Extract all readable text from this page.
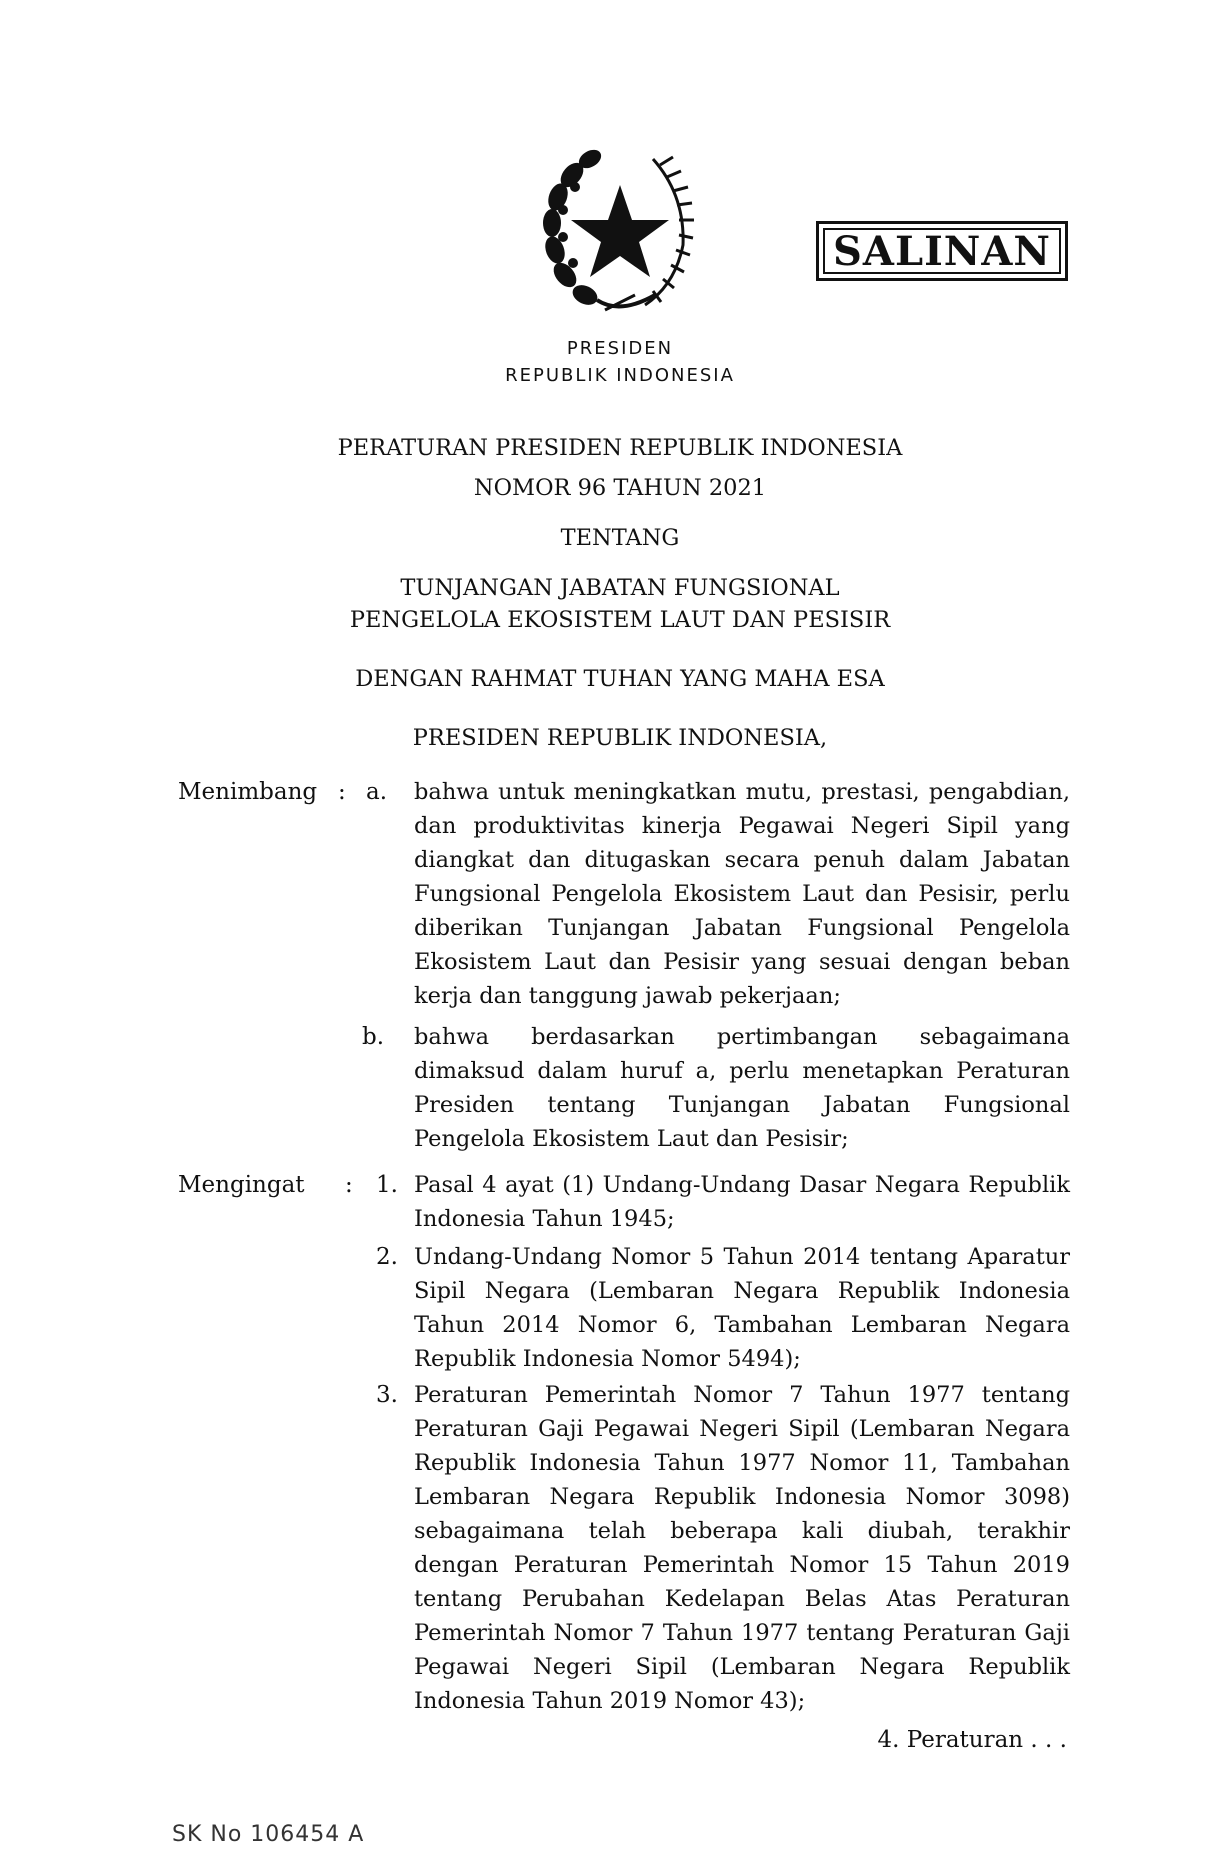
SALINAN
PRESIDEN
REPUBLIK INDONESIA
PERATURAN PRESIDEN REPUBLIK INDONESIA
NOMOR 96 TAHUN 2021
TENTANG
TUNJANGAN JABATAN FUNGSIONAL
PENGELOLA EKOSISTEM LAUT DAN PESISIR
DENGAN RAHMAT TUHAN YANG MAHA ESA
PRESIDEN REPUBLIK INDONESIA,
Menimbang : a.	bahwa untuk meningkatkan mutu, prestasi, pengabdian, dan produktivitas kinerja Pegawai Negeri Sipil yang diangkat dan ditugaskan secara penuh dalam Jabatan Fungsional Pengelola Ekosistem Laut dan Pesisir, perlu diberikan Tunjangan Jabatan Fungsional Pengelola Ekosistem Laut dan Pesisir yang sesuai dengan beban kerja dan tanggung jawab pekerjaan;
b.	bahwa berdasarkan pertimbangan sebagaimana dimaksud dalam huruf a, perlu menetapkan Peraturan Presiden tentang Tunjangan Jabatan Fungsional Pengelola Ekosistem Laut dan Pesisir;
Mengingat : 1. Pasal 4 ayat (1) Undang-Undang Dasar Negara Republik Indonesia Tahun 1945;
2. Undang-Undang Nomor 5 Tahun 2014 tentang Aparatur Sipil Negara (Lembaran Negara Republik Indonesia Tahun 2014 Nomor 6, Tambahan Lembaran Negara Republik Indonesia Nomor 5494);
3. Peraturan Pemerintah Nomor 7 Tahun 1977 tentang Peraturan Gaji Pegawai Negeri Sipil (Lembaran Negara Republik Indonesia Tahun 1977 Nomor 11, Tambahan Lembaran Negara Republik Indonesia Nomor 3098) sebagaimana telah beberapa kali diubah, terakhir dengan Peraturan Pemerintah Nomor 15 Tahun 2019 tentang Perubahan Kedelapan Belas Atas Peraturan Pemerintah Nomor 7 Tahun 1977 tentang Peraturan Gaji Pegawai Negeri Sipil (Lembaran Negara Republik Indonesia Tahun 2019 Nomor 43);
4. Peraturan . . .
SK No 106454 A
